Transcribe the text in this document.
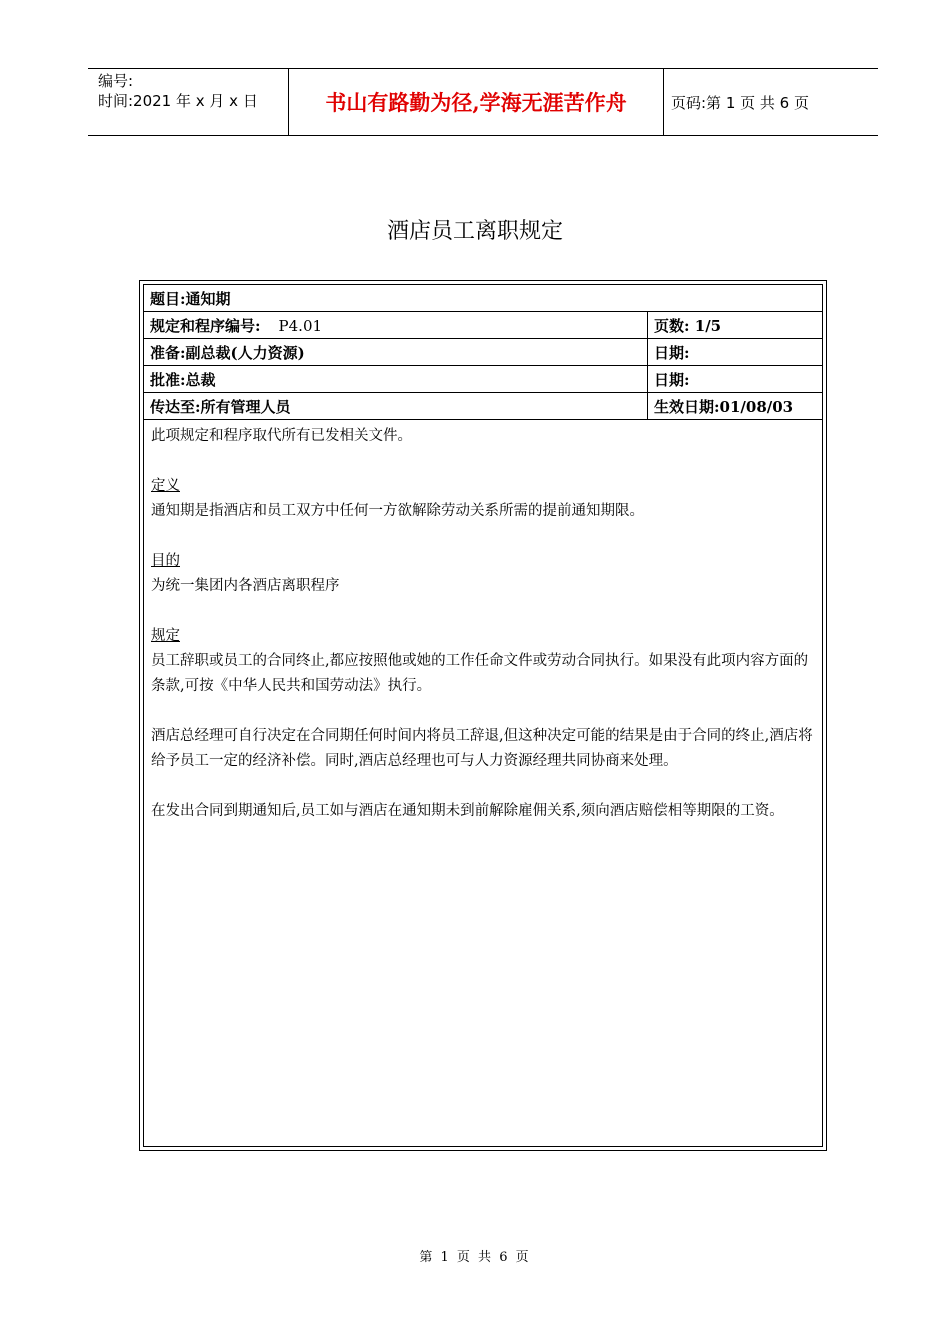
编号:
时间:2021 年 x 月 x 日	书山有路勤为径,学海无涯苦作舟	页码:第 1 页 共 6 页
酒店员工离职规定
题目:通知期	
规定和程序编号: P4.01	页数: 1/5
准备:副总裁(人力资源)	日期:
批准:总裁	日期:
传达至:所有管理人员	生效日期:01/08/03

此项规定和程序取代所有已发相关文件。

定义
通知期是指酒店和员工双方中任何一方欲解除劳动关系所需的提前通知期限。

目的
为统一集团内各酒店离职程序

规定
员工辞职或员工的合同终止,都应按照他或她的工作任命文件或劳动合同执行。如果没有此项内容方面的条款,可按《中华人民共和国劳动法》执行。

酒店总经理可自行决定在合同期任何时间内将员工辞退,但这种决定可能的结果是由于合同的终止,酒店将给予员工一定的经济补偿。同时,酒店总经理也可与人力资源经理共同协商来处理。

在发出合同到期通知后,员工如与酒店在通知期未到前解除雇佣关系,须向酒店赔偿相等期限的工资。

第 1 页 共 6 页
